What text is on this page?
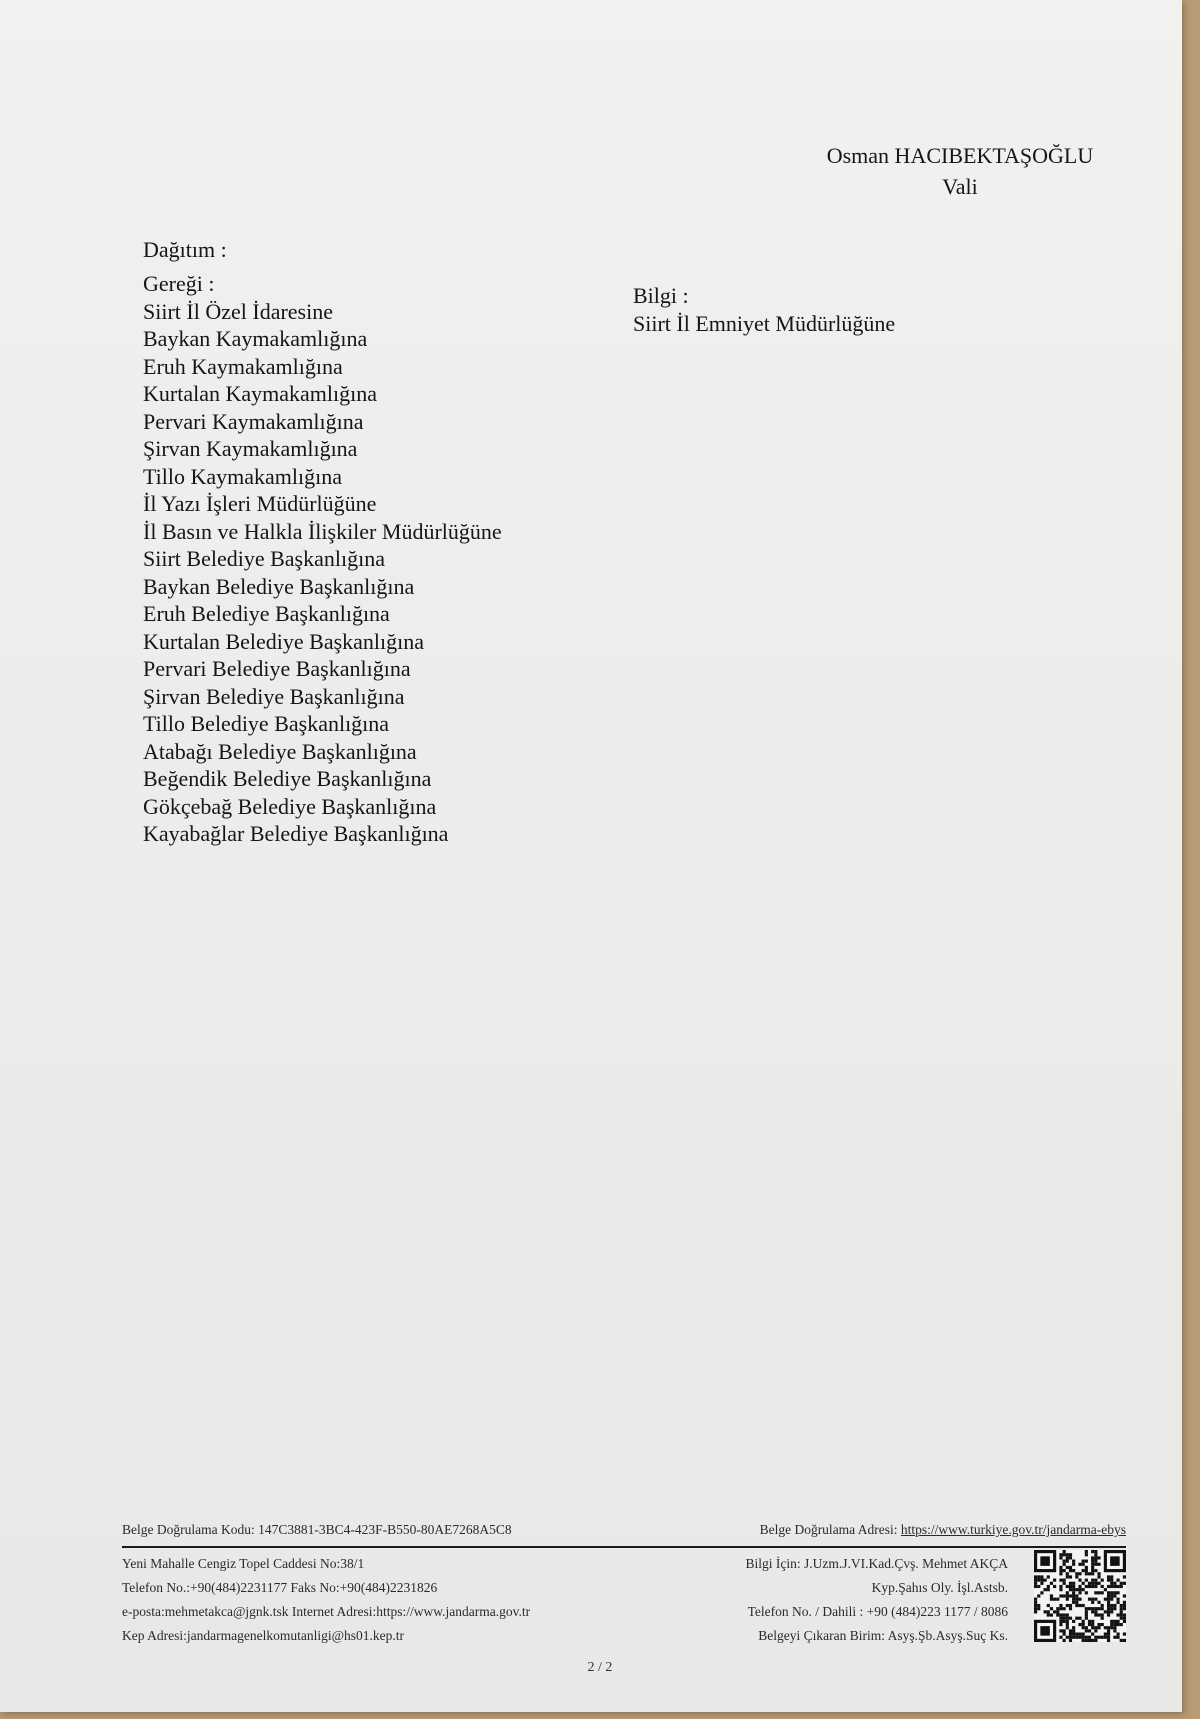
Osman HACIBEKTAŞOĞLU
Vali
Dağıtım :
Gereği :
Siirt İl Özel İdaresine
Baykan Kaymakamlığına
Eruh Kaymakamlığına
Kurtalan Kaymakamlığına
Pervari Kaymakamlığına
Şirvan Kaymakamlığına
Tillo Kaymakamlığına
İl Yazı İşleri Müdürlüğüne
İl Basın ve Halkla İlişkiler Müdürlüğüne
Siirt Belediye Başkanlığına
Baykan Belediye Başkanlığına
Eruh Belediye Başkanlığına
Kurtalan Belediye Başkanlığına
Pervari Belediye Başkanlığına
Şirvan Belediye Başkanlığına
Tillo Belediye Başkanlığına
Atabağı Belediye Başkanlığına
Beğendik Belediye Başkanlığına
Gökçebağ Belediye Başkanlığına
Kayabağlar Belediye Başkanlığına
Bilgi :
Siirt İl Emniyet Müdürlüğüne
Belge Doğrulama Kodu: 147C3881-3BC4-423F-B550-80AE7268A5C8	Belge Doğrulama Adresi: https://www.turkiye.gov.tr/jandarma-ebys
Yeni Mahalle Cengiz Topel Caddesi No:38/1
Telefon No.:+90(484)2231177 Faks No:+90(484)2231826
e-posta:mehmetakca@jgnk.tsk Internet Adresi:https://www.jandarma.gov.tr
Kep Adresi:jandarmagenelkomutanligi@hs01.kep.tr
Bilgi İçin: J.Uzm.J.VI.Kad.Çvş. Mehmet AKÇA
Kyp.Şahıs Oly. İşl.Astsb.
Telefon No. / Dahili : +90 (484)223 1177 / 8086
Belgeyi Çıkaran Birim: Asyş.Şb.Asyş.Suç Ks.
2 / 2
